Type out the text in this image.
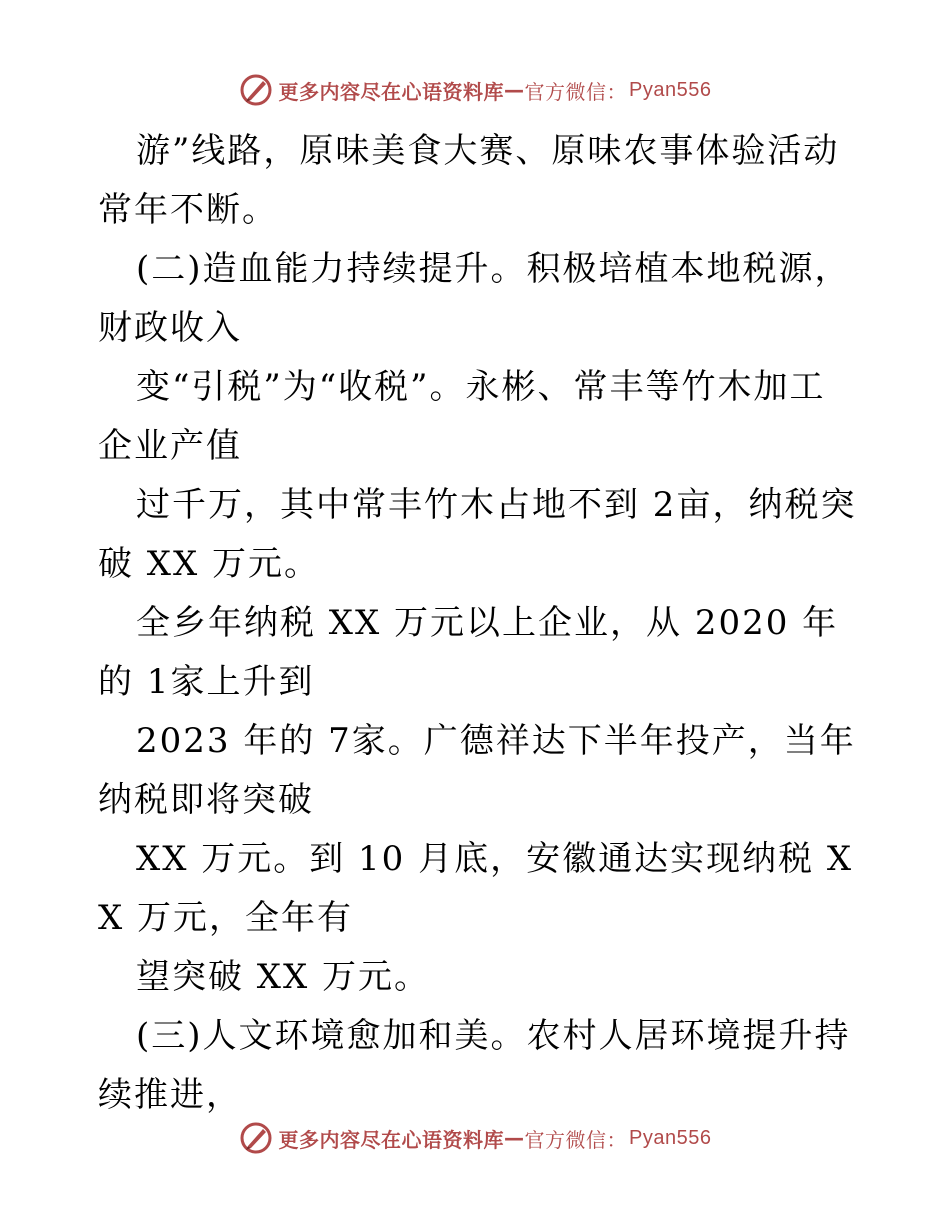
更多内容尽在心语资料库 — 官方微信： Pyan556

游”线路，原味美食大赛、原味农事体验活动常年不断。

(二)造血能力持续提升。积极培植本地税源，财政收入

变“引税”为“收税”。永彬、常丰等竹木加工企业产值

过千万，其中常丰竹木占地不到 2亩，纳税突破 XX 万元。

全乡年纳税 XX 万元以上企业，从 2020 年的 1家上升到

2023 年的 7家。广德祥达下半年投产，当年纳税即将突破

XX 万元。到 10 月底，安徽通达实现纳税 XX 万元，全年有

望突破 XX 万元。

(三)人文环境愈加和美。农村人居环境提升持续推进，

更多内容尽在心语资料库 — 官方微信： Pyan556
